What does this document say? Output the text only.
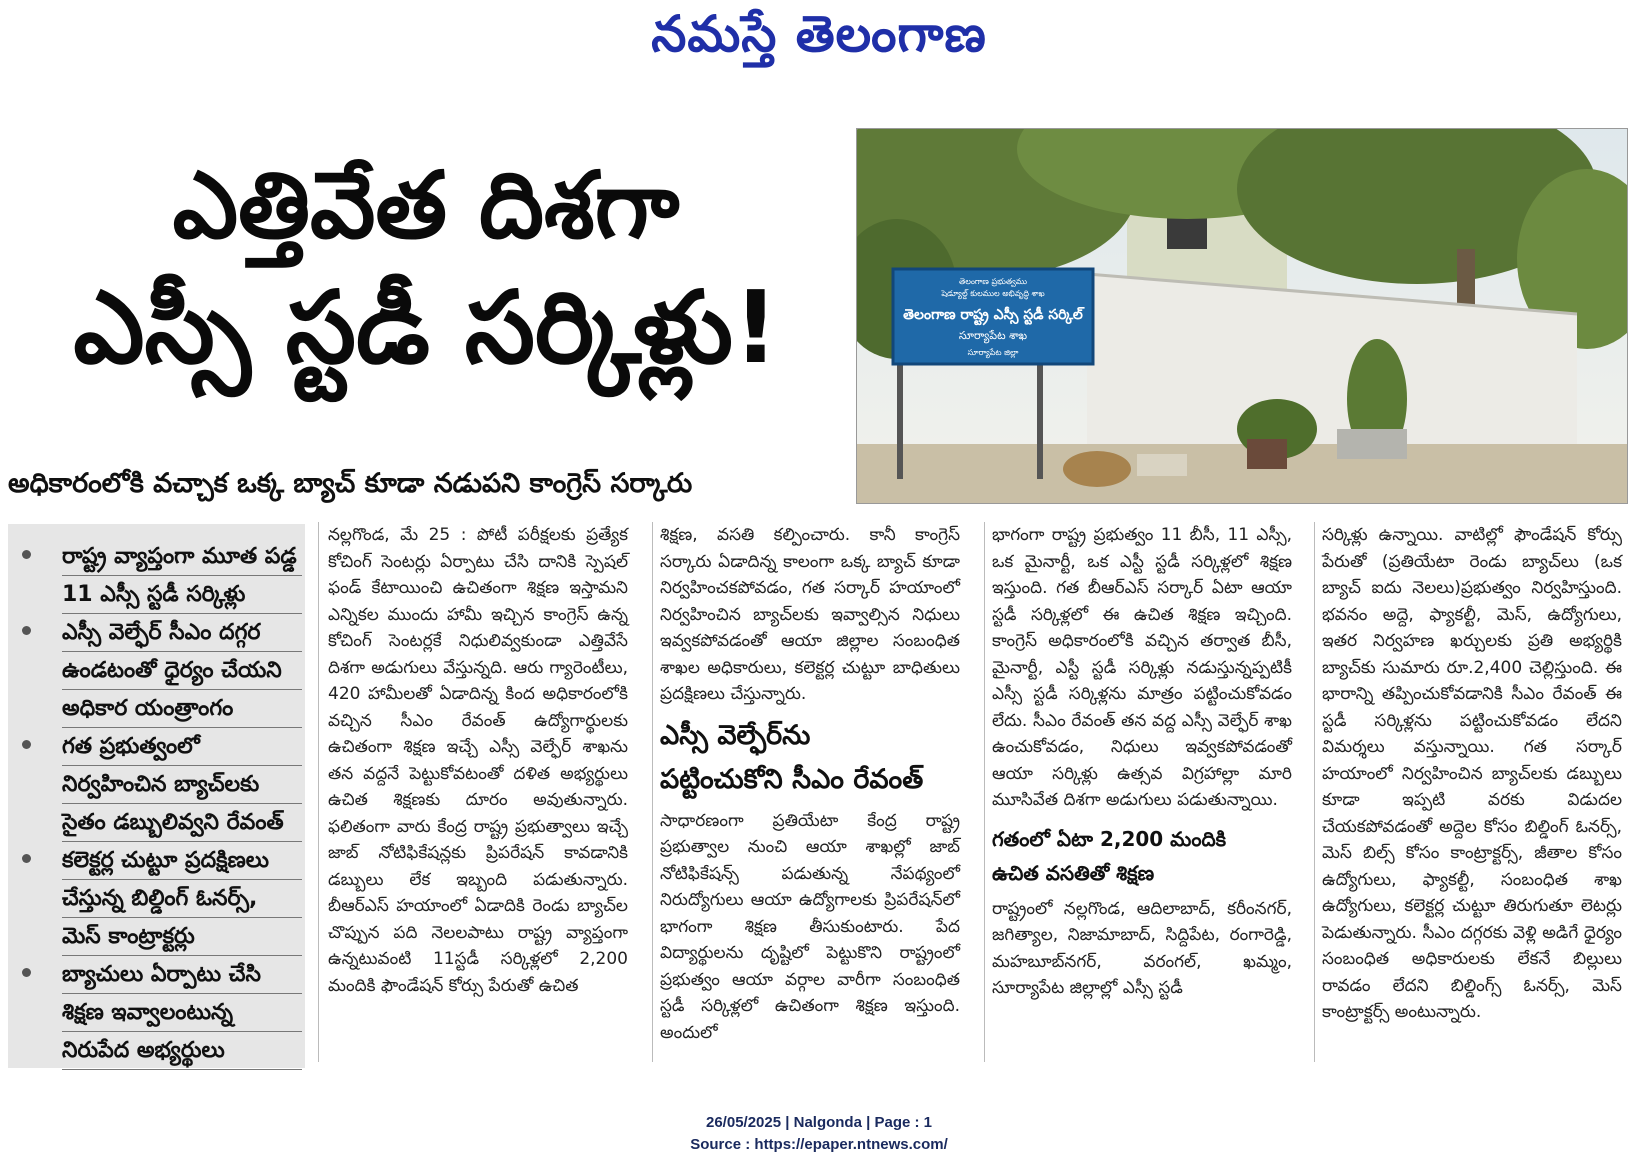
నమస్తే తెలంగాణ
ఎత్తివేత దిశగా
ఎస్సీ స్టడీ సర్కిళ్లు!
అధికారంలోకి వచ్చాక ఒక్క బ్యాచ్ కూడా నడుపని కాంగ్రెస్ సర్కారు
తెలంగాణ ప్రభుత్వము
షెడ్యూల్డ్ కులముల అభివృద్ధి శాఖ
తెలంగాణ రాష్ట్ర ఎస్సీ స్టడీ సర్కిల్
సూర్యాపేట శాఖ
సూర్యాపేట జిల్లా
రాష్ట్ర వ్యాప్తంగా మూత పడ్డ
11 ఎస్సీ స్టడీ సర్కిళ్లు
ఎస్సీ వెల్ఫేర్ సీఎం దగ్గర
ఉండటంతో ధైర్యం చేయని
అధికార యంత్రాంగం
గత ప్రభుత్వంలో
నిర్వహించిన బ్యాచ్‌లకు
సైతం డబ్బులివ్వని రేవంత్
కలెక్టర్ల చుట్టూ ప్రదక్షిణలు
చేస్తున్న బిల్డింగ్ ఓనర్స్,
మెస్ కాంట్రాక్టర్లు
బ్యాచులు ఏర్పాటు చేసి
శిక్షణ ఇవ్వాలంటున్న
నిరుపేద అభ్యర్థులు

నల్లగొండ, మే 25 : పోటీ పరీక్షలకు ప్రత్యేక కోచింగ్ సెంటర్లు ఏర్పాటు చేసి దానికి స్పెషల్ ఫండ్ కేటాయించి ఉచితంగా శిక్షణ ఇస్తామని ఎన్నికల ముందు హామీ ఇచ్చిన కాంగ్రెస్ ఉన్న కోచింగ్ సెంటర్లకే నిధులివ్వకుండా ఎత్తివేసే దిశగా అడుగులు వేస్తున్నది. ఆరు గ్యారెంటీలు, 420 హామీలతో ఏడాదిన్న కింద అధికారంలోకి వచ్చిన సీఎం రేవంత్ ఉద్యోగార్థులకు ఉచితంగా శిక్షణ ఇచ్చే ఎస్సీ వెల్ఫేర్ శాఖను తన వద్దనే పెట్టుకోవటంతో దళిత అభ్యర్థులు ఉచిత శిక్షణకు దూరం అవుతున్నారు. ఫలితంగా వారు కేంద్ర రాష్ట్ర ప్రభుత్వాలు ఇచ్చే జాబ్ నోటిఫికేషన్లకు ప్రిపరేషన్ కావడానికి డబ్బులు లేక ఇబ్బంది పడుతున్నారు. బీఆర్ఎస్ హయాంలో ఏడాదికి రెండు బ్యాచ్‌ల చొప్పున పది నెలలపాటు రాష్ట్ర వ్యాప్తంగా ఉన్నటువంటి 11స్టడీ సర్కిళ్లలో 2,200 మందికి ఫౌండేషన్ కోర్సు పేరుతో ఉచిత

శిక్షణ, వసతి కల్పించారు. కానీ కాంగ్రెస్ సర్కారు ఏడాదిన్న కాలంగా ఒక్క బ్యాచ్ కూడా నిర్వహించకపోవడం, గత సర్కార్ హయాంలో నిర్వహించిన బ్యాచ్‌లకు ఇవ్వాల్సిన నిధులు ఇవ్వకపోవడంతో ఆయా జిల్లాల సంబంధిత శాఖల అధికారులు, కలెక్టర్ల చుట్టూ బాధితులు ప్రదక్షిణలు చేస్తున్నారు.

ఎస్సీ వెల్ఫేర్‌ను
పట్టించుకోని సీఎం రేవంత్

సాధారణంగా ప్రతియేటా కేంద్ర రాష్ట్ర ప్రభుత్వాల నుంచి ఆయా శాఖల్లో జాబ్ నోటిఫికేషన్స్ పడుతున్న నేపథ్యంలో నిరుద్యోగులు ఆయా ఉద్యోగాలకు ప్రిపరేషన్‌లో భాగంగా శిక్షణ తీసుకుంటారు. పేద విద్యార్థులను దృష్టిలో పెట్టుకొని రాష్ట్రంలో ప్రభుత్వం ఆయా వర్గాల వారీగా సంబంధిత స్టడీ సర్కిళ్లలో ఉచితంగా శిక్షణ ఇస్తుంది. అందులో

భాగంగా రాష్ట్ర ప్రభుత్వం 11 బీసీ, 11 ఎస్సీ, ఒక మైనార్టీ, ఒక ఎస్టీ స్టడీ సర్కిళ్లలో శిక్షణ ఇస్తుంది. గత బీఆర్ఎస్ సర్కార్ ఏటా ఆయా స్టడీ సర్కిళ్లలో ఈ ఉచిత శిక్షణ ఇచ్చింది. కాంగ్రెస్ అధికారంలోకి వచ్చిన తర్వాత బీసీ, మైనార్టీ, ఎస్టీ స్టడీ సర్కిళ్లు నడుస్తున్నప్పటికీ ఎస్సీ స్టడీ సర్కిళ్లను మాత్రం పట్టించుకోవడం లేదు. సీఎం రేవంత్ తన వద్ద ఎస్సీ వెల్ఫేర్ శాఖ ఉంచుకోవడం, నిధులు ఇవ్వకపోవడంతో ఆయా సర్కిళ్లు ఉత్సవ విగ్రహాల్లా మారి మూసివేత దిశగా అడుగులు పడుతున్నాయి.

గతంలో ఏటా 2,200 మందికి
ఉచిత వసతితో శిక్షణ

రాష్ట్రంలో నల్లగొండ, ఆదిలాబాద్, కరీంనగర్, జగిత్యాల, నిజామాబాద్, సిద్దిపేట, రంగారెడ్డి, మహబూబ్‌నగర్, వరంగల్, ఖమ్మం, సూర్యాపేట జిల్లాల్లో ఎస్సీ స్టడీ

సర్కిళ్లు ఉన్నాయి. వాటిల్లో ఫౌండేషన్ కోర్సు పేరుతో (ప్రతియేటా రెండు బ్యాచ్‌లు (ఒక బ్యాచ్ ఐదు నెలలు)ప్రభుత్వం నిర్వహిస్తుంది. భవనం అద్దె, ఫ్యాకల్టీ, మెస్, ఉద్యోగులు, ఇతర నిర్వహణ ఖర్చులకు ప్రతి అభ్యర్థికి బ్యాచ్‌కు సుమారు రూ.2,400 చెల్లిస్తుంది. ఈ భారాన్ని తప్పించుకోవడానికి సీఎం రేవంత్ ఈ స్టడీ సర్కిళ్లను పట్టించుకోవడం లేదని విమర్శలు వస్తున్నాయి. గత సర్కార్ హయాంలో నిర్వహించిన బ్యాచ్‌లకు డబ్బులు కూడా ఇప్పటి వరకు విడుదల చేయకపోవడంతో అద్దెల కోసం బిల్డింగ్ ఓనర్స్, మెస్ బిల్స్ కోసం కాంట్రాక్టర్స్, జీతాల కోసం ఉద్యోగులు, ఫ్యాకల్టీ, సంబంధిత శాఖ ఉద్యోగులు, కలెక్టర్ల చుట్టూ తిరుగుతూ లెటర్లు పెడుతున్నారు. సీఎం దగ్గరకు వెళ్లి అడిగే ధైర్యం సంబంధిత అధికారులకు లేకనే బిల్లులు రావడం లేదని బిల్డింగ్స్ ఓనర్స్, మెస్ కాంట్రాక్టర్స్ అంటున్నారు.

26/05/2025 | Nalgonda | Page : 1
Source : https://epaper.ntnews.com/
